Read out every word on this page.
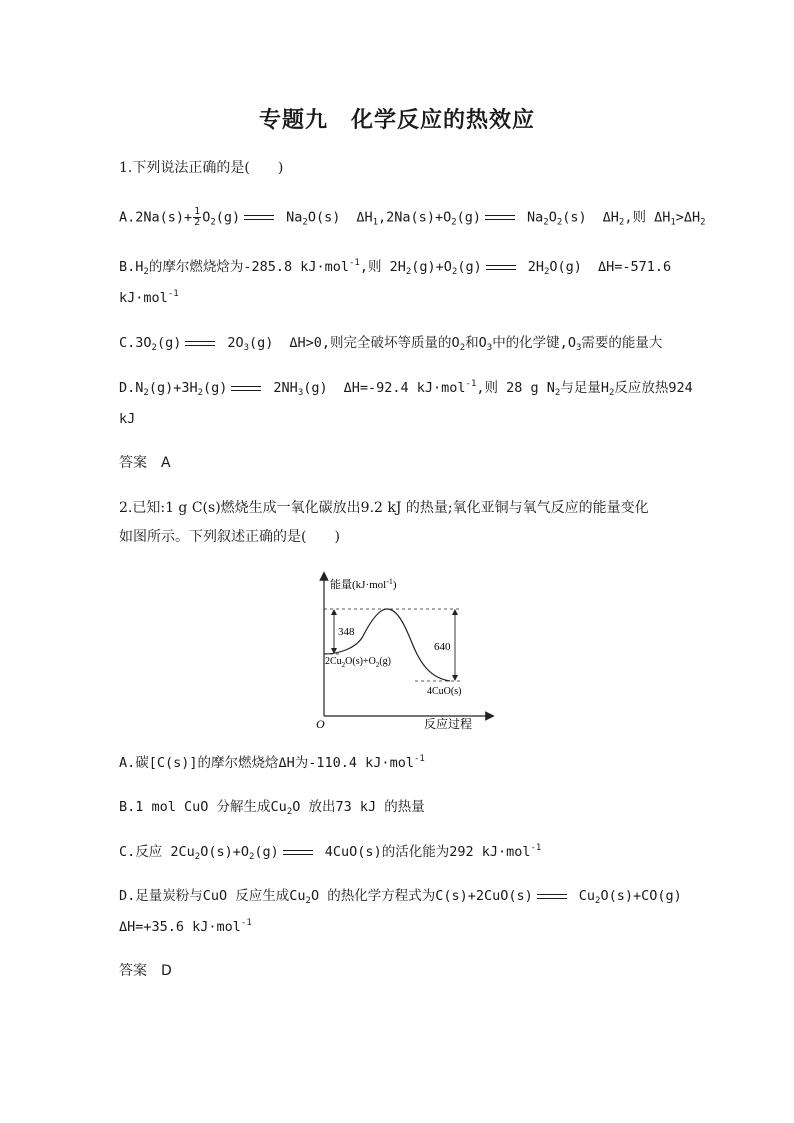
专题九　化学反应的热效应
1.下列说法正确的是(　　)
$A.2Na(s)+ \frac{1}{2} O_2(g)$	$Na_2O(s)$ $\Delta H_1,2Na(s)+O_2(g)$	$Na_2O_2(s)$ $\Delta H_2$,则 $\Delta H_1>\Delta H_2$
$B.H_2$的摩尔燃烧焓为-285.8 kJ·mol$^{-1}$,则 $2H_2(g)+O_2(g)$	$2H_2O(g)$ ΔH=-571.6
kJ·mol$^{-1}$
$C.3O_2(g)$	$2O_3(g)$ ΔH>0,则完全破坏等质量的$O_2$和$O_3$中的化学键$,O_3$需要的能量大
$D.N_2(g)+3H_2(g)$	$2NH_3(g)$ ΔH=-92.4 kJ·mol$^{-1}$,则 28 g $N_2$与足量$H_2$反应放热924
kJ
答案　A
2.已知:1 g C(s)燃烧生成一氧化碳放出9.2 kJ 的热量;氧化亚铜与氧气反应的能量变化
如图所示。下列叙述正确的是(　　)
能量(kJ·mol$^{-1}$)
O	反应过程
348
640
$2Cu_2O(s)+O_2(g)$
4CuO(s)
A.碳[C(s)]的摩尔燃烧焓ΔH为-110.4 kJ·mol$^{-1}$
B.1 mol CuO 分解生成$Cu_2O$ 放出73 kJ 的热量
C.反应 $2Cu_2O(s)+O_2(g)$	4CuO(s)的活化能为292 kJ·mol$^{-1}$
D.足量炭粉与CuO 反应生成$Cu_2O$ 的热化学方程式为C(s)+2CuO(s)	$Cu_2O(s)+CO(g)$
ΔH=+35.6 kJ·mol$^{-1}$
答案　D
